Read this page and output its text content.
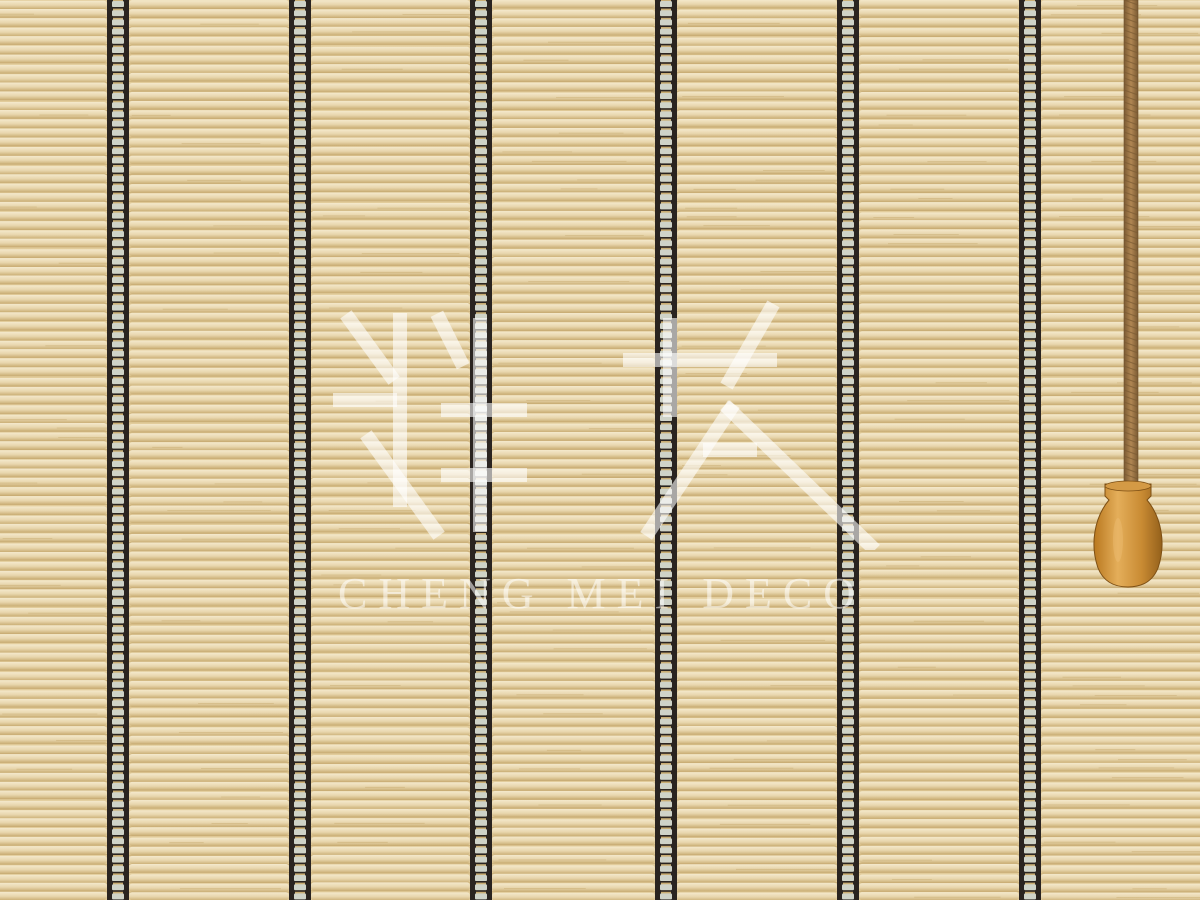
CHENG MEI DECO
